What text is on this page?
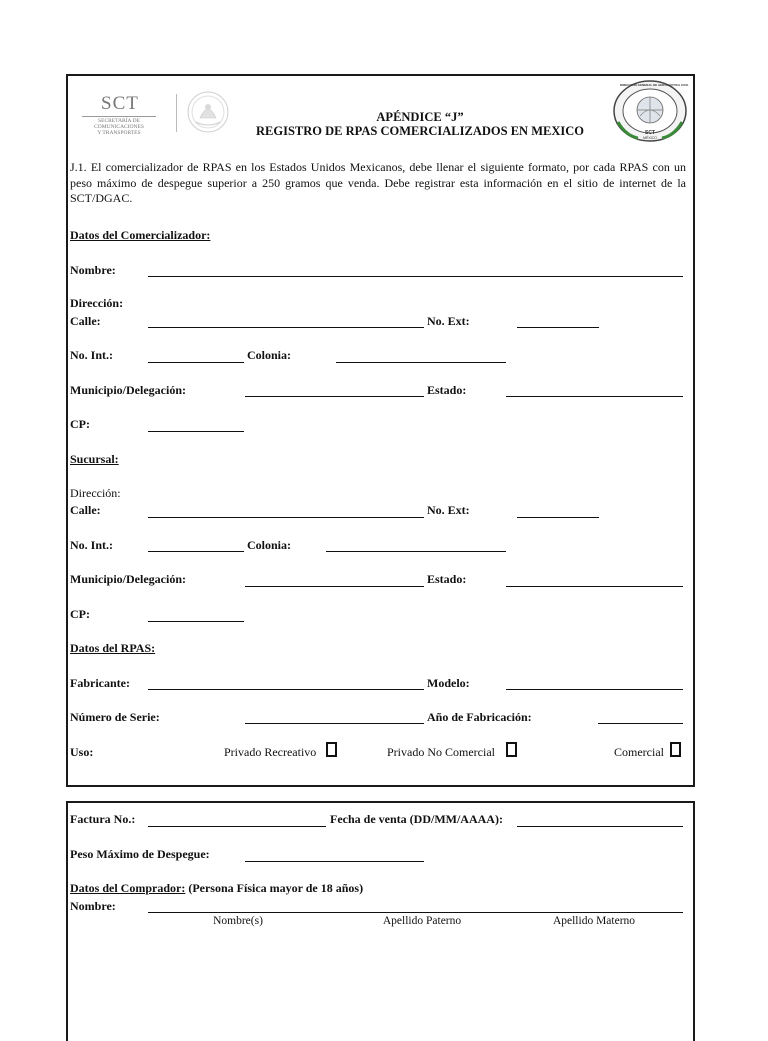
SCT
SECRETARÍA DE
COMUNICACIONES
Y TRANSPORTES
APÉNDICE “J”
REGISTRO DE RPAS COMERCIALIZADOS EN MEXICO
DIRECCIÓN GENERAL DE AERONÁUTICA CIVIL
SCT
MÉXICO
J.1. El comercializador de RPAS en los Estados Unidos Mexicanos, debe llenar el siguiente formato, por cada RPAS con un peso máximo de despegue superior a 250 gramos que venda. Debe registrar esta información en el sitio de internet de la SCT/DGAC.
Datos del Comercializador:
Nombre:
Dirección:
Calle:	No. Ext:
No. Int.:	Colonia:
Municipio/Delegación:	Estado:
CP:
Sucursal:
Dirección:
Calle:	No. Ext:
No. Int.:	Colonia:
Municipio/Delegación:	Estado:
CP:
Datos del RPAS:
Fabricante:	Modelo:
Número de Serie:	Año de Fabricación:
Uso:	Privado Recreativo	Privado No Comercial	Comercial
Factura No.:	Fecha de venta (DD/MM/AAAA):
Peso Máximo de Despegue:
Datos del Comprador: (Persona Física mayor de 18 años)
Nombre:
Nombre(s)	Apellido Paterno	Apellido Materno
